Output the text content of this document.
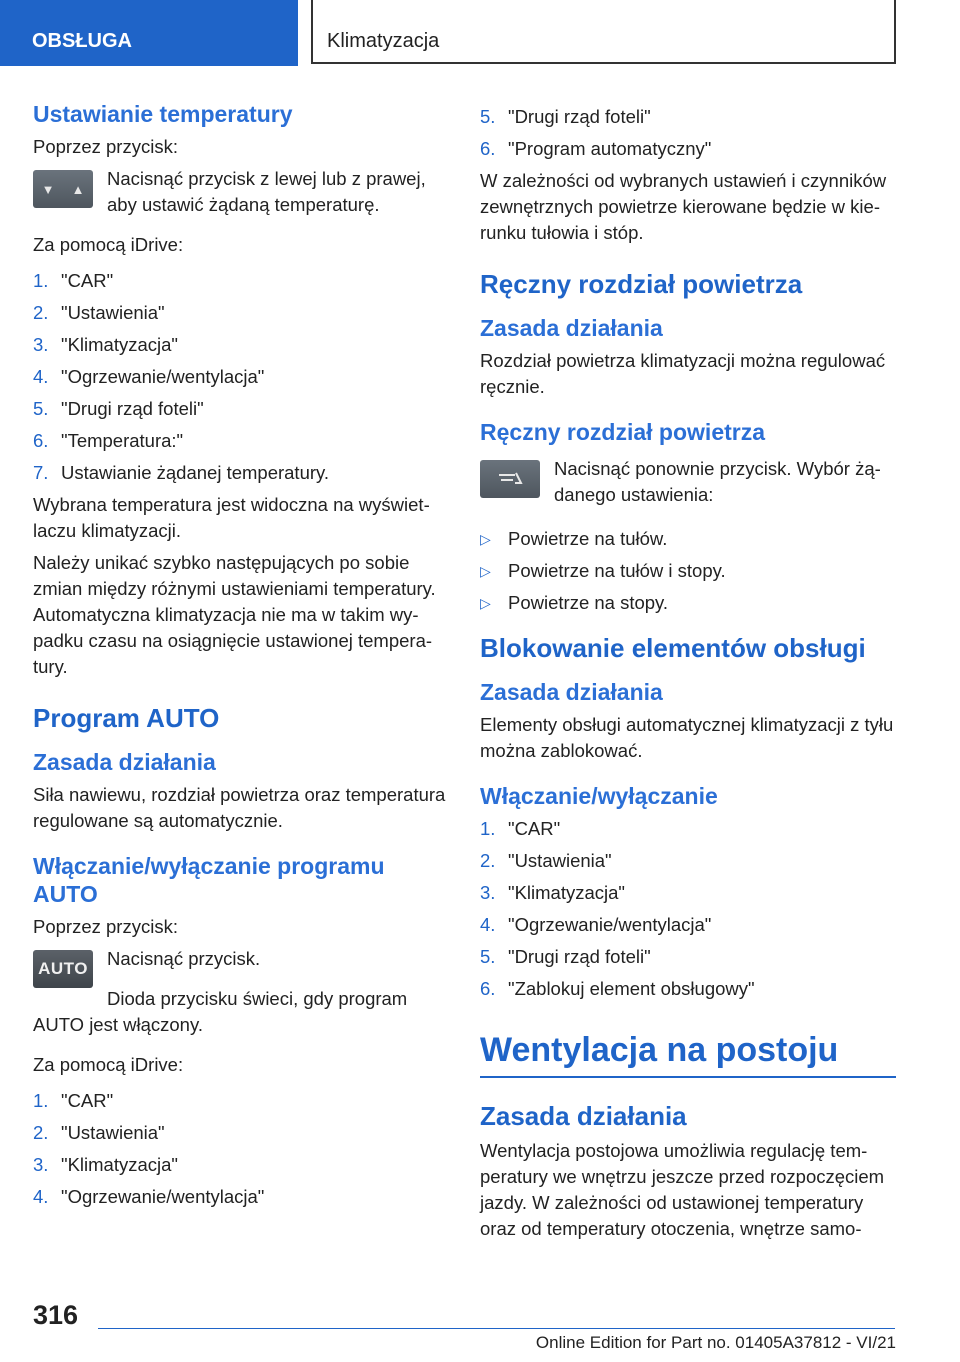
OBSŁUGA	Klimatyzacja
Ustawianie temperatury
Poprzez przycisk:
▼ ▲ Nacisnąć przycisk z lewej lub z prawej, aby ustawić żądaną temperaturę.
Za pomocą iDrive:
1. "CAR"
2. "Ustawienia"
3. "Klimatyzacja"
4. "Ogrzewanie/wentylacja"
5. "Drugi rząd foteli"
6. "Temperatura:"
7. Ustawianie żądanej temperatury.
Wybrana temperatura jest widoczna na wyświetlaczu klimatyzacji.
Należy unikać szybko następujących po sobie zmian między różnymi ustawieniami temperatury. Automatyczna klimatyzacja nie ma w takim wypadku czasu na osiągnięcie ustawionej temperatury.
Program AUTO
Zasada działania
Siła nawiewu, rozdział powietrza oraz temperatura regulowane są automatycznie.
Włączanie/wyłączanie programu AUTO
Poprzez przycisk:
AUTO Nacisnąć przycisk.
Dioda przycisku świeci, gdy program AUTO jest włączony.
Za pomocą iDrive:
1. "CAR"
2. "Ustawienia"
3. "Klimatyzacja"
4. "Ogrzewanie/wentylacja"
5. "Drugi rząd foteli"
6. "Program automatyczny"
W zależności od wybranych ustawień i czynników zewnętrznych powietrze kierowane będzie w kierunku tułowia i stóp.
Ręczny rozdział powietrza
Zasada działania
Rozdział powietrza klimatyzacji można regulować ręcznie.
Ręczny rozdział powietrza
Nacisnąć ponownie przycisk. Wybór żądanego ustawienia:
▷ Powietrze na tułów.
▷ Powietrze na tułów i stopy.
▷ Powietrze na stopy.
Blokowanie elementów obsługi
Zasada działania
Elementy obsługi automatycznej klimatyzacji z tyłu można zablokować.
Włączanie/wyłączanie
1. "CAR"
2. "Ustawienia"
3. "Klimatyzacja"
4. "Ogrzewanie/wentylacja"
5. "Drugi rząd foteli"
6. "Zablokuj element obsługowy"
Wentylacja na postoju
Zasada działania
Wentylacja postojowa umożliwia regulację temperatury we wnętrzu jeszcze przed rozpoczęciem jazdy. W zależności od ustawionej temperatury oraz od temperatury otoczenia, wnętrze samo-
316
Online Edition for Part no. 01405A37812 - VI/21
